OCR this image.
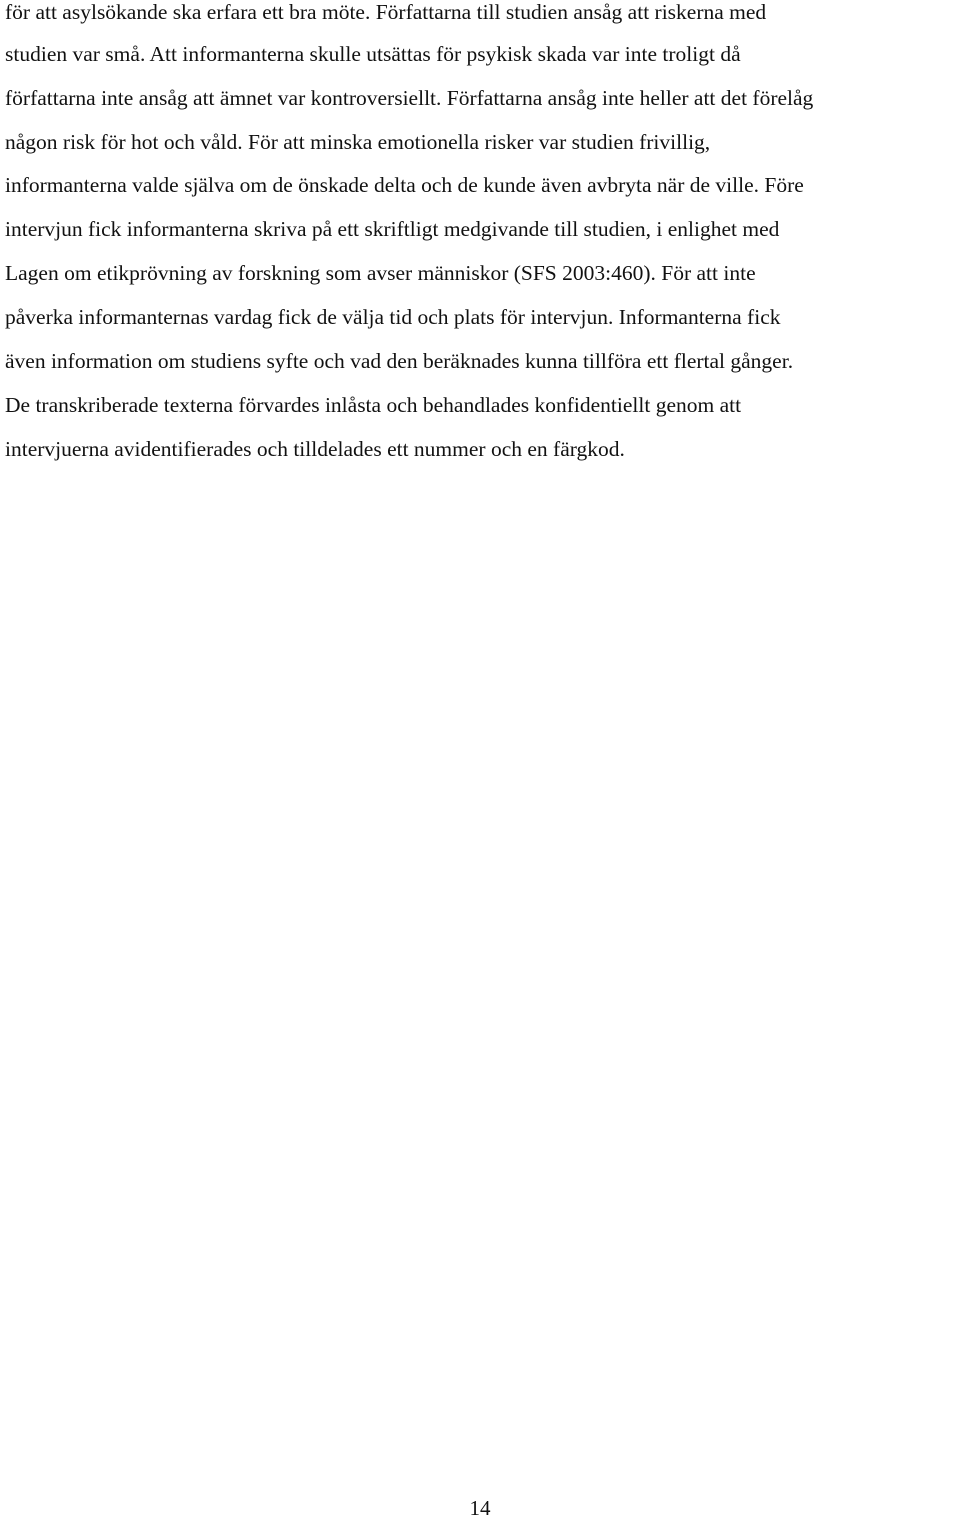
för att asylsökande ska erfara ett bra möte. Författarna till studien ansåg att riskerna med
studien var små. Att informanterna skulle utsättas för psykisk skada var inte troligt då
författarna inte ansåg att ämnet var kontroversiellt. Författarna ansåg inte heller att det förelåg
någon risk för hot och våld. För att minska emotionella risker var studien frivillig,
informanterna valde själva om de önskade delta och de kunde även avbryta när de ville. Före
intervjun fick informanterna skriva på ett skriftligt medgivande till studien, i enlighet med
Lagen om etikprövning av forskning som avser människor (SFS 2003:460). För att inte
påverka informanternas vardag fick de välja tid och plats för intervjun. Informanterna fick
även information om studiens syfte och vad den beräknades kunna tillföra ett flertal gånger.
De transkriberade texterna förvardes inlåsta och behandlades konfidentiellt genom att
intervjuerna avidentifierades och tilldelades ett nummer och en färgkod.
14
